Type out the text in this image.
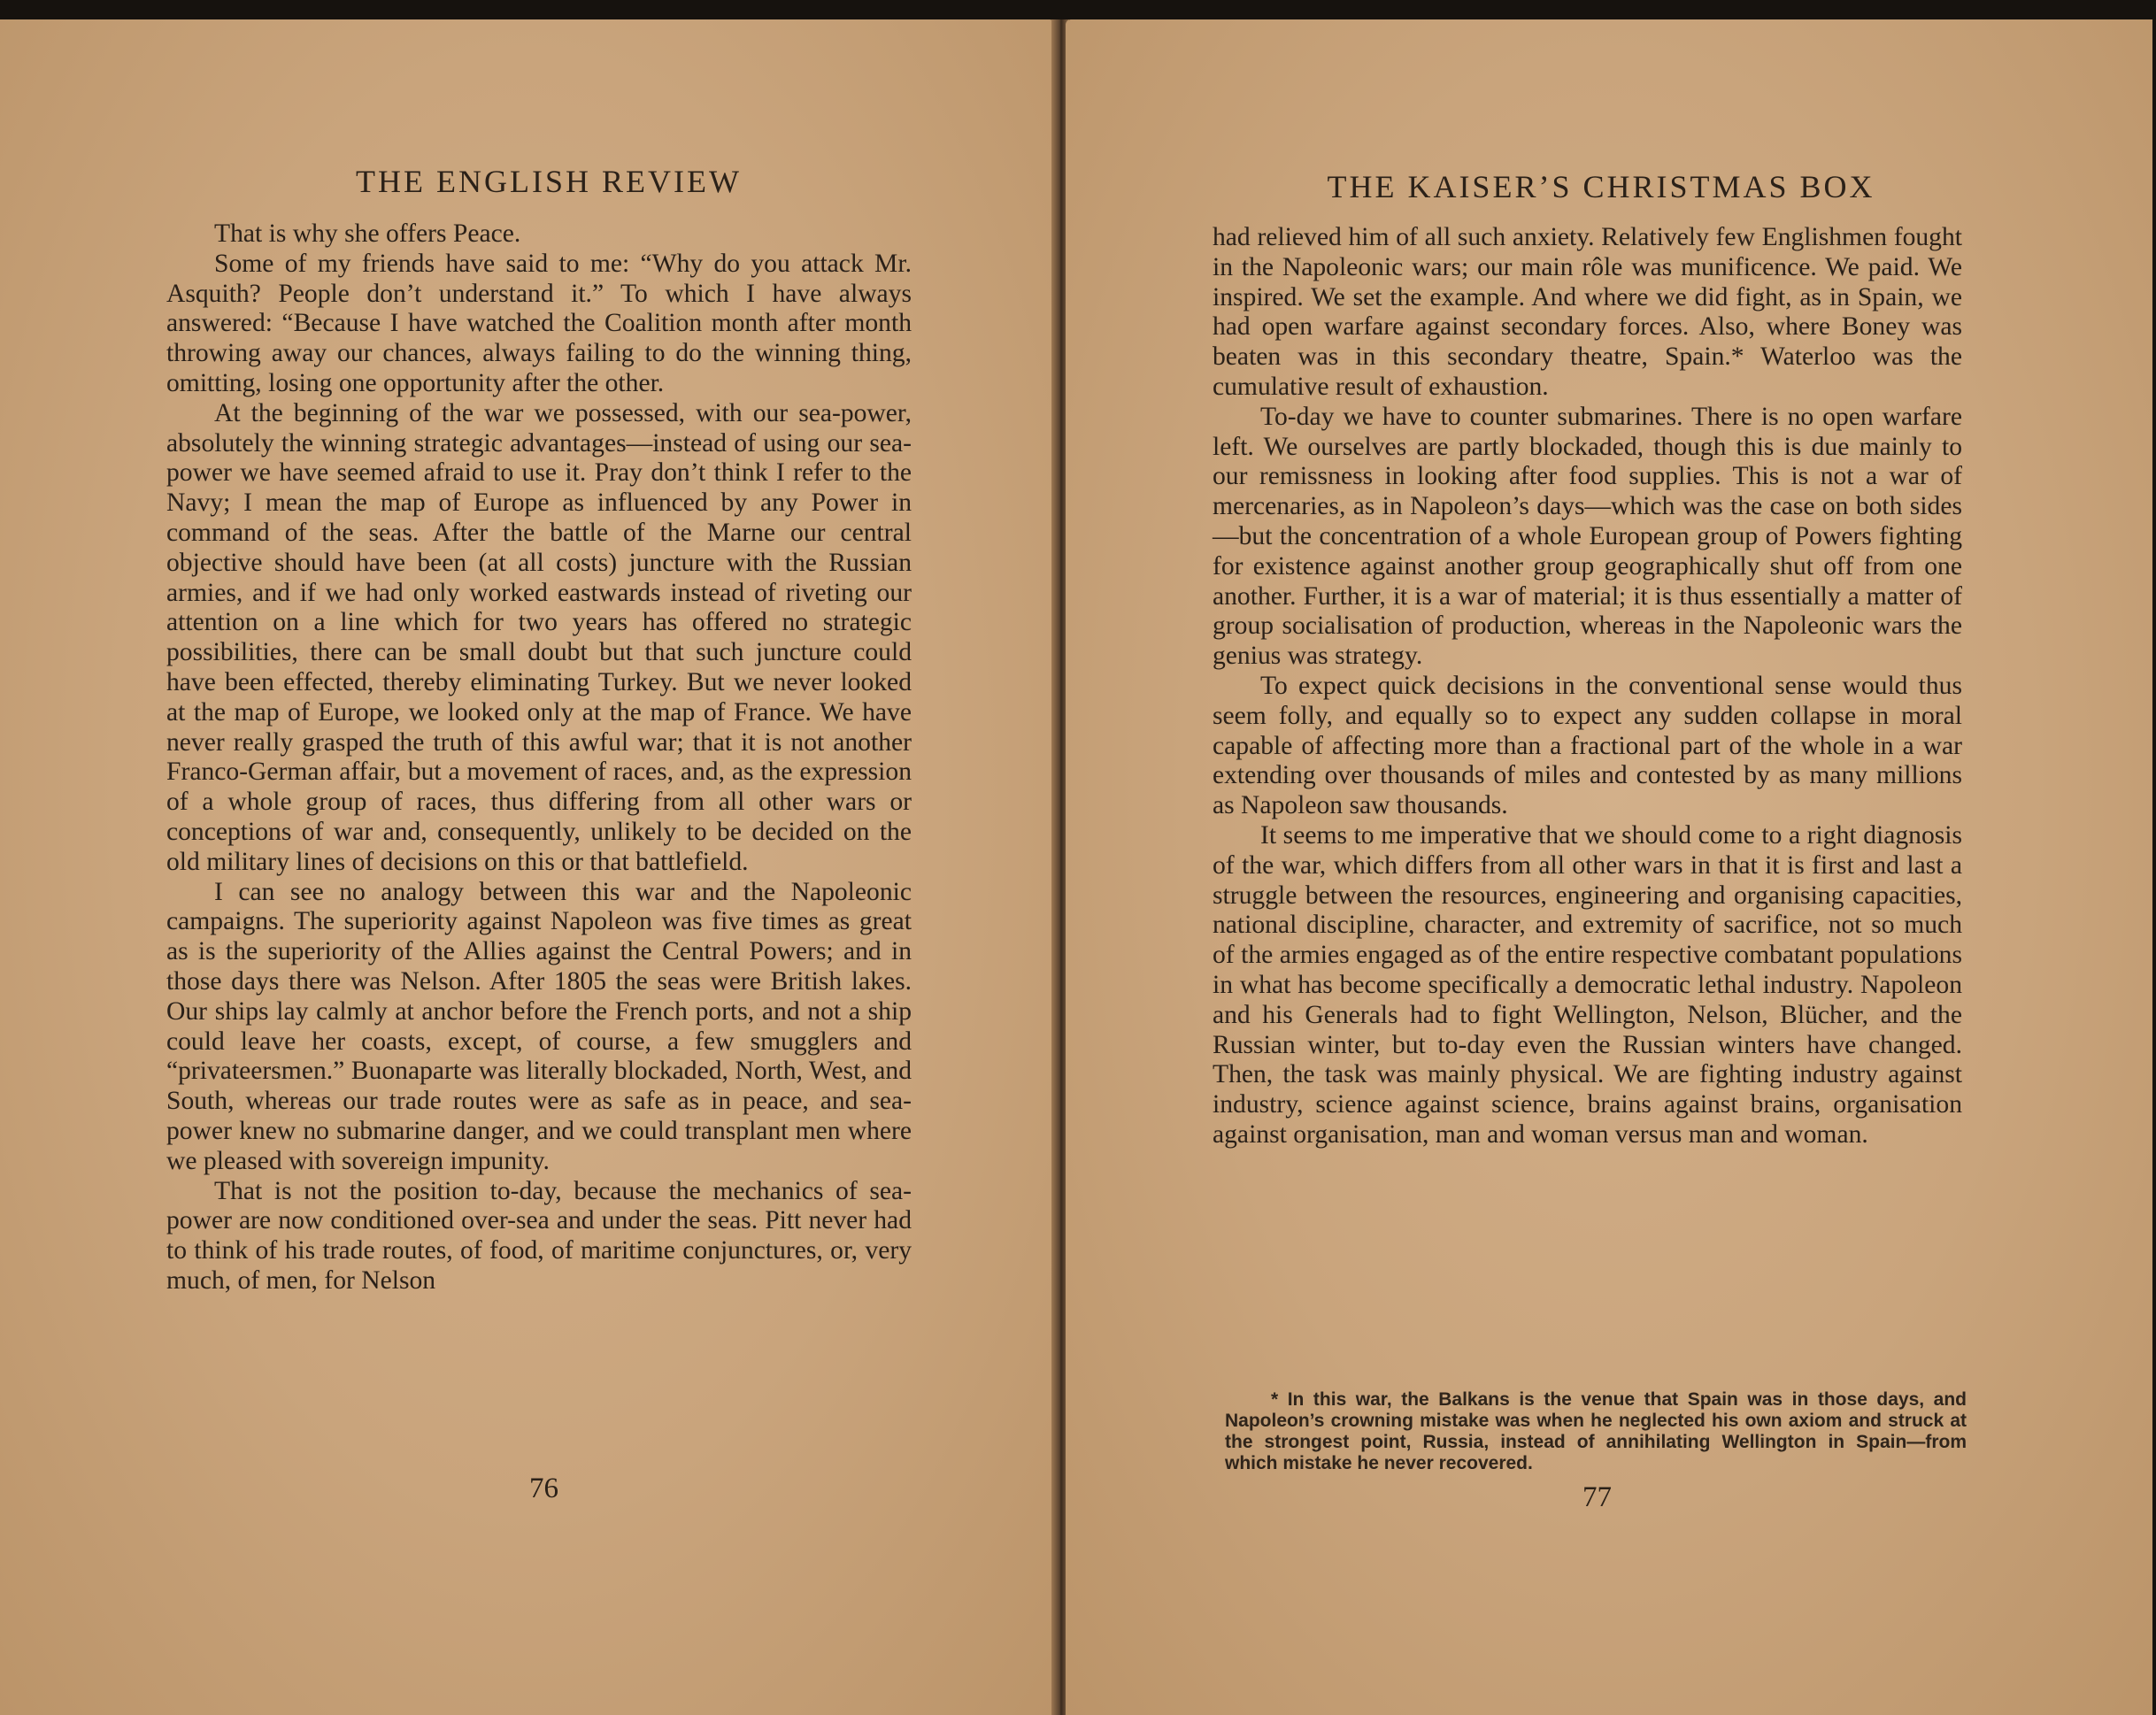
THE ENGLISH REVIEW

That is why she offers Peace.

Some of my friends have said to me: “Why do you attack Mr. Asquith? People don’t understand it.” To which I have always answered: “Because I have watched the Coalition month after month throwing away our chances, always failing to do the winning thing, omitting, losing one opportunity after the other.

At the beginning of the war we possessed, with our sea-power, absolutely the winning strategic advantages—instead of using our sea-power we have seemed afraid to use it. Pray don’t think I refer to the Navy; I mean the map of Europe as influenced by any Power in command of the seas. After the battle of the Marne our central objective should have been (at all costs) juncture with the Russian armies, and if we had only worked eastwards instead of riveting our attention on a line which for two years has offered no strategic possibilities, there can be small doubt but that such juncture could have been effected, thereby eliminating Turkey. But we never looked at the map of Europe, we looked only at the map of France. We have never really grasped the truth of this awful war; that it is not another Franco-German affair, but a movement of races, and, as the expression of a whole group of races, thus differing from all other wars or conceptions of war and, consequently, unlikely to be decided on the old military lines of decisions on this or that battlefield.

I can see no analogy between this war and the Napoleonic campaigns. The superiority against Napoleon was five times as great as is the superiority of the Allies against the Central Powers; and in those days there was Nelson. After 1805 the seas were British lakes. Our ships lay calmly at anchor before the French ports, and not a ship could leave her coasts, except, of course, a few smugglers and “privateersmen.” Buonaparte was literally blockaded, North, West, and South, whereas our trade routes were as safe as in peace, and sea-power knew no submarine danger, and we could transplant men where we pleased with sovereign impunity.

That is not the position to-day, because the mechanics of sea-power are now conditioned over-sea and under the seas. Pitt never had to think of his trade routes, of food, of maritime conjunctures, or, very much, of men, for Nelson

76
THE KAISER’S CHRISTMAS BOX

had relieved him of all such anxiety. Relatively few Englishmen fought in the Napoleonic wars; our main rôle was munificence. We paid. We inspired. We set the example. And where we did fight, as in Spain, we had open warfare against secondary forces. Also, where Boney was beaten was in this secondary theatre, Spain.* Waterloo was the cumulative result of exhaustion.

To-day we have to counter submarines. There is no open warfare left. We ourselves are partly blockaded, though this is due mainly to our remissness in looking after food supplies. This is not a war of mercenaries, as in Napoleon’s days—which was the case on both sides—but the concentration of a whole European group of Powers fighting for existence against another group geographically shut off from one another. Further, it is a war of material; it is thus essentially a matter of group socialisation of production, whereas in the Napoleonic wars the genius was strategy.

To expect quick decisions in the conventional sense would thus seem folly, and equally so to expect any sudden collapse in moral capable of affecting more than a fractional part of the whole in a war extending over thousands of miles and contested by as many millions as Napoleon saw thousands.

It seems to me imperative that we should come to a right diagnosis of the war, which differs from all other wars in that it is first and last a struggle between the resources, engineering and organising capacities, national discipline, character, and extremity of sacrifice, not so much of the armies engaged as of the entire respective combatant populations in what has become specifically a democratic lethal industry. Napoleon and his Generals had to fight Wellington, Nelson, Blücher, and the Russian winter, but to-day even the Russian winters have changed. Then, the task was mainly physical. We are fighting industry against industry, science against science, brains against brains, organisation against organisation, man and woman versus man and woman.

* In this war, the Balkans is the venue that Spain was in those days, and Napoleon’s crowning mistake was when he neglected his own axiom and struck at the strongest point, Russia, instead of annihilating Wellington in Spain—from which mistake he never recovered.
77
